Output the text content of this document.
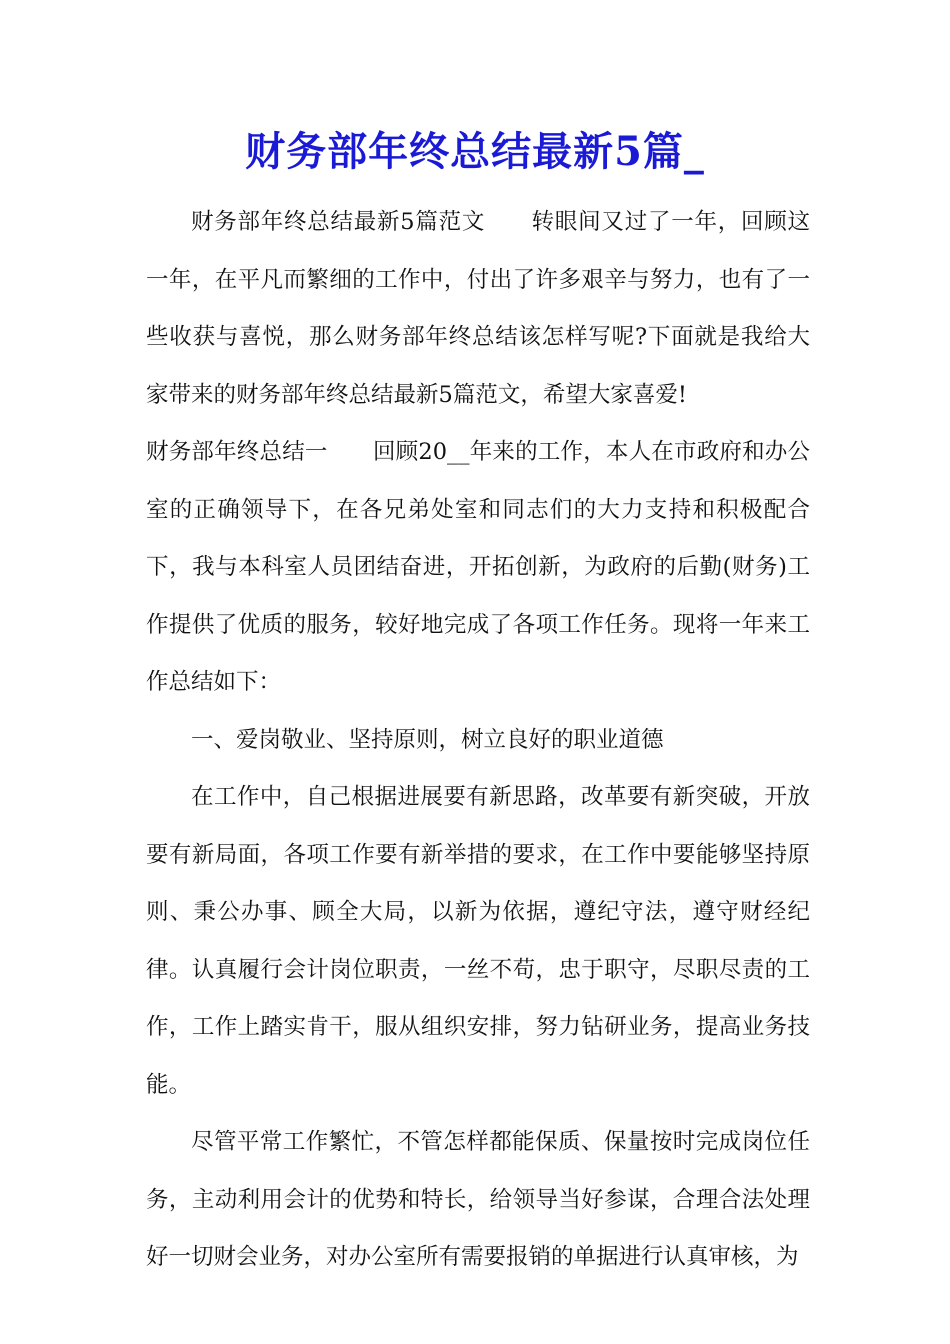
财务部年终总结最新5篇_

财务部年终总结最新5篇范文　　转眼间又过了一年，回顾这一年，在平凡而繁细的工作中，付出了许多艰辛与努力，也有了一些收获与喜悦，那么财务部年终总结该怎样写呢?下面就是我给大家带来的财务部年终总结最新5篇范文，希望大家喜爱!

财务部年终总结一　　回顾20__年来的工作，本人在市政府和办公室的正确领导下，在各兄弟处室和同志们的大力支持和积极配合下，我与本科室人员团结奋进，开拓创新，为政府的后勤(财务)工作提供了优质的服务，较好地完成了各项工作任务。现将一年来工作总结如下：

一、爱岗敬业、坚持原则，树立良好的职业道德

在工作中，自己根据进展要有新思路，改革要有新突破，开放要有新局面，各项工作要有新举措的要求，在工作中要能够坚持原则、秉公办事、顾全大局，以新为依据，遵纪守法，遵守财经纪律。认真履行会计岗位职责，一丝不苟，忠于职守，尽职尽责的工作，工作上踏实肯干，服从组织安排，努力钻研业务，提高业务技能。

尽管平常工作繁忙，不管怎样都能保质、保量按时完成岗位任务，主动利用会计的优势和特长，给领导当好参谋，合理合法处理好一切财会业务，对办公室所有需要报销的单据进行认真审核，为
